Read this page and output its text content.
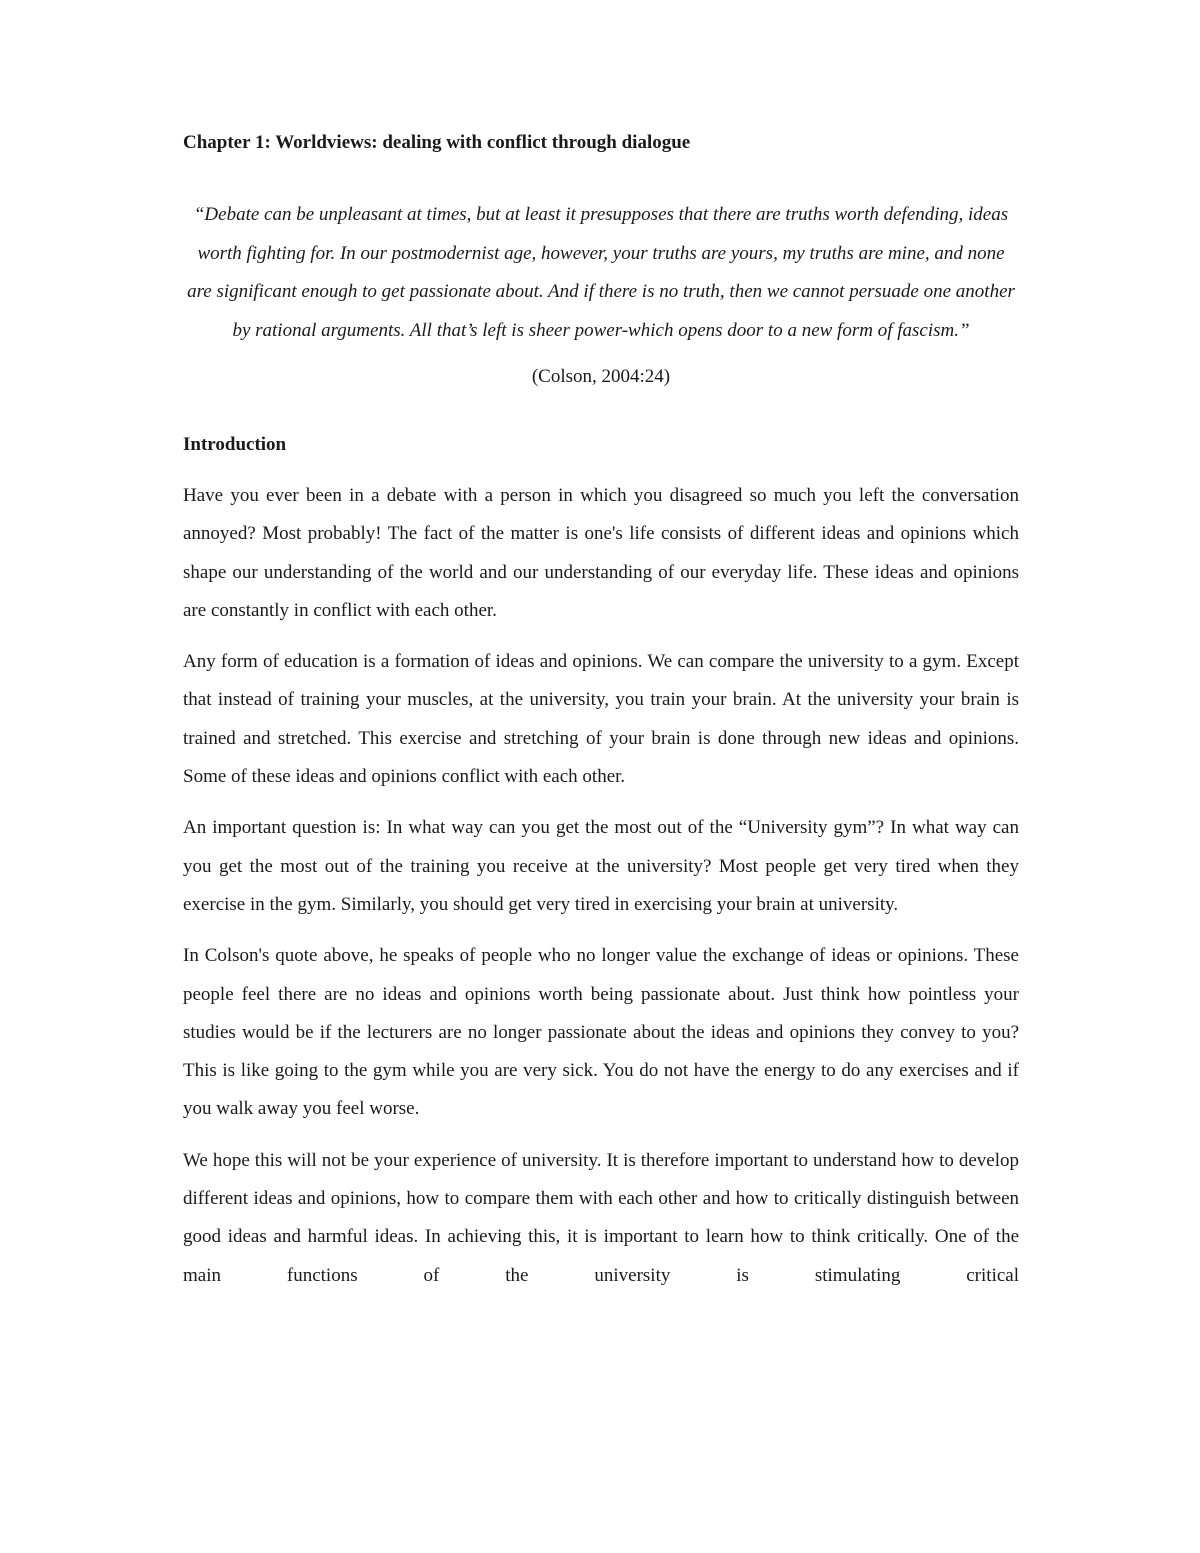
Chapter 1: Worldviews: dealing with conflict through dialogue
“Debate can be unpleasant at times, but at least it presupposes that there are truths worth defending, ideas worth fighting for. In our postmodernist age, however, your truths are yours, my truths are mine, and none are significant enough to get passionate about. And if there is no truth, then we cannot persuade one another by rational arguments. All that’s left is sheer power-which opens door to a new form of fascism.”
(Colson, 2004:24)
Introduction

Have you ever been in a debate with a person in which you disagreed so much you left the conversation annoyed? Most probably! The fact of the matter is one's life consists of different ideas and opinions which shape our understanding of the world and our understanding of our everyday life. These ideas and opinions are constantly in conflict with each other.

Any form of education is a formation of ideas and opinions. We can compare the university to a gym. Except that instead of training your muscles, at the university, you train your brain. At the university your brain is trained and stretched. This exercise and stretching of your brain is done through new ideas and opinions. Some of these ideas and opinions conflict with each other.

An important question is: In what way can you get the most out of the “University gym”? In what way can you get the most out of the training you receive at the university? Most people get very tired when they exercise in the gym. Similarly, you should get very tired in exercising your brain at university.

In Colson's quote above, he speaks of people who no longer value the exchange of ideas or opinions. These people feel there are no ideas and opinions worth being passionate about. Just think how pointless your studies would be if the lecturers are no longer passionate about the ideas and opinions they convey to you? This is like going to the gym while you are very sick. You do not have the energy to do any exercises and if you walk away you feel worse.

We hope this will not be your experience of university. It is therefore important to understand how to develop different ideas and opinions, how to compare them with each other and how to critically distinguish between good ideas and harmful ideas. In achieving this, it is important to learn how to think critically. One of the main functions of the university is stimulating critical
